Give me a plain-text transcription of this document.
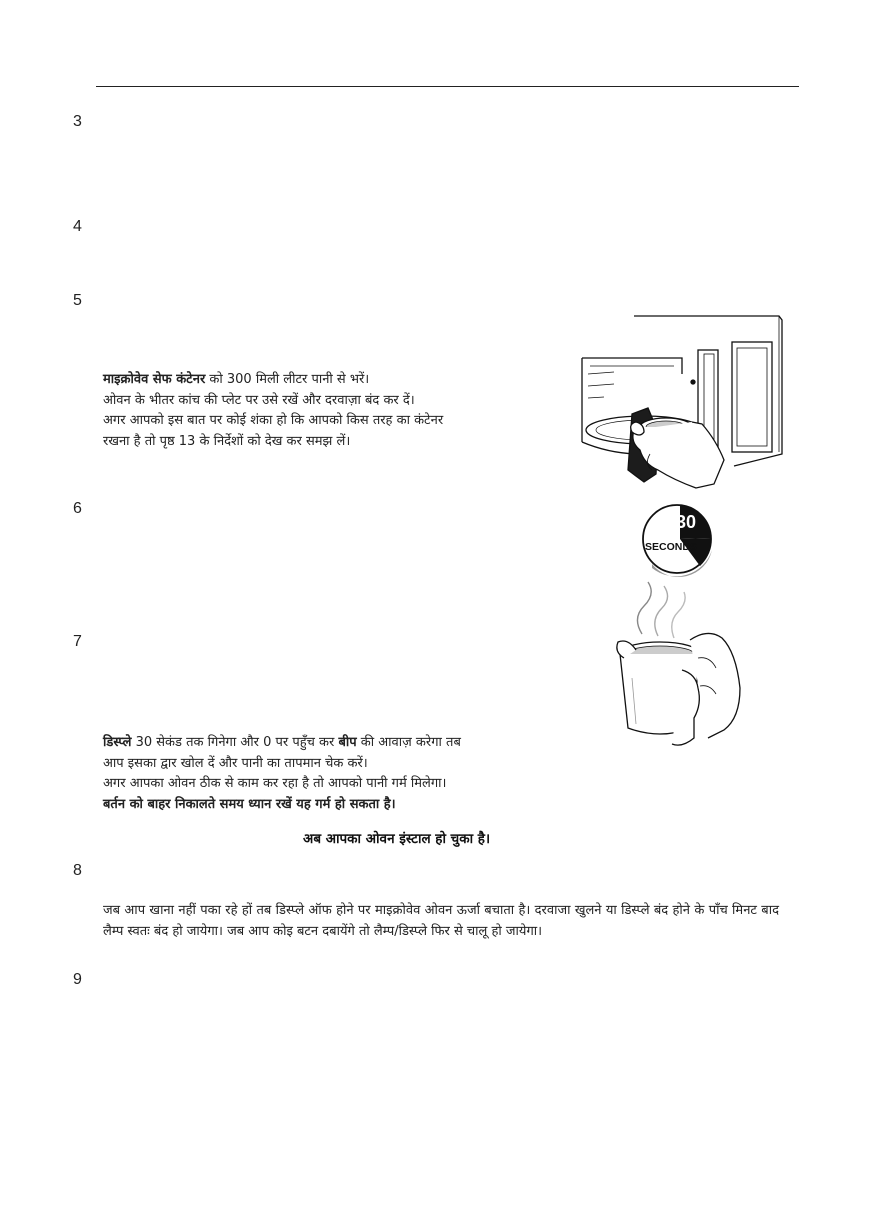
3
4
5
6
7
8
9
माइक्रोवेव सेफ कंटेनर को 300 मिली लीटर पानी से भरें।
ओवन के भीतर कांच की प्लेट पर उसे रखें और दरवाज़ा बंद कर दें।
अगर आपको इस बात पर कोई शंका हो कि आपको किस तरह का कंटेनर
रखना है तो पृष्ठ 13 के निर्देशों को देख कर समझ लें।
30
SECONDS
डिस्प्ले 30 सेकंड तक गिनेगा और 0 पर पहुँच कर बीप की आवाज़ करेगा तब
आप इसका द्वार खोल दें और पानी का तापमान चेक करें।
अगर आपका ओवन ठीक से काम कर रहा है तो आपको पानी गर्म मिलेगा।
बर्तन को बाहर निकालते समय ध्यान रखें यह गर्म हो सकता है।
अब आपका ओवन इंस्टाल हो चुका है।
जब आप खाना नहीं पका रहे हों तब डिस्प्ले ऑफ होने पर माइक्रोवेव ओवन ऊर्जा बचाता है। दरवाजा खुलने या डिस्प्ले बंद होने के पाँच मिनट बाद लैम्प स्वतः बंद हो जायेगा। जब आप कोइ बटन दबायेंगे तो लैम्प/डिस्प्ले फिर से चालू हो जायेगा।
